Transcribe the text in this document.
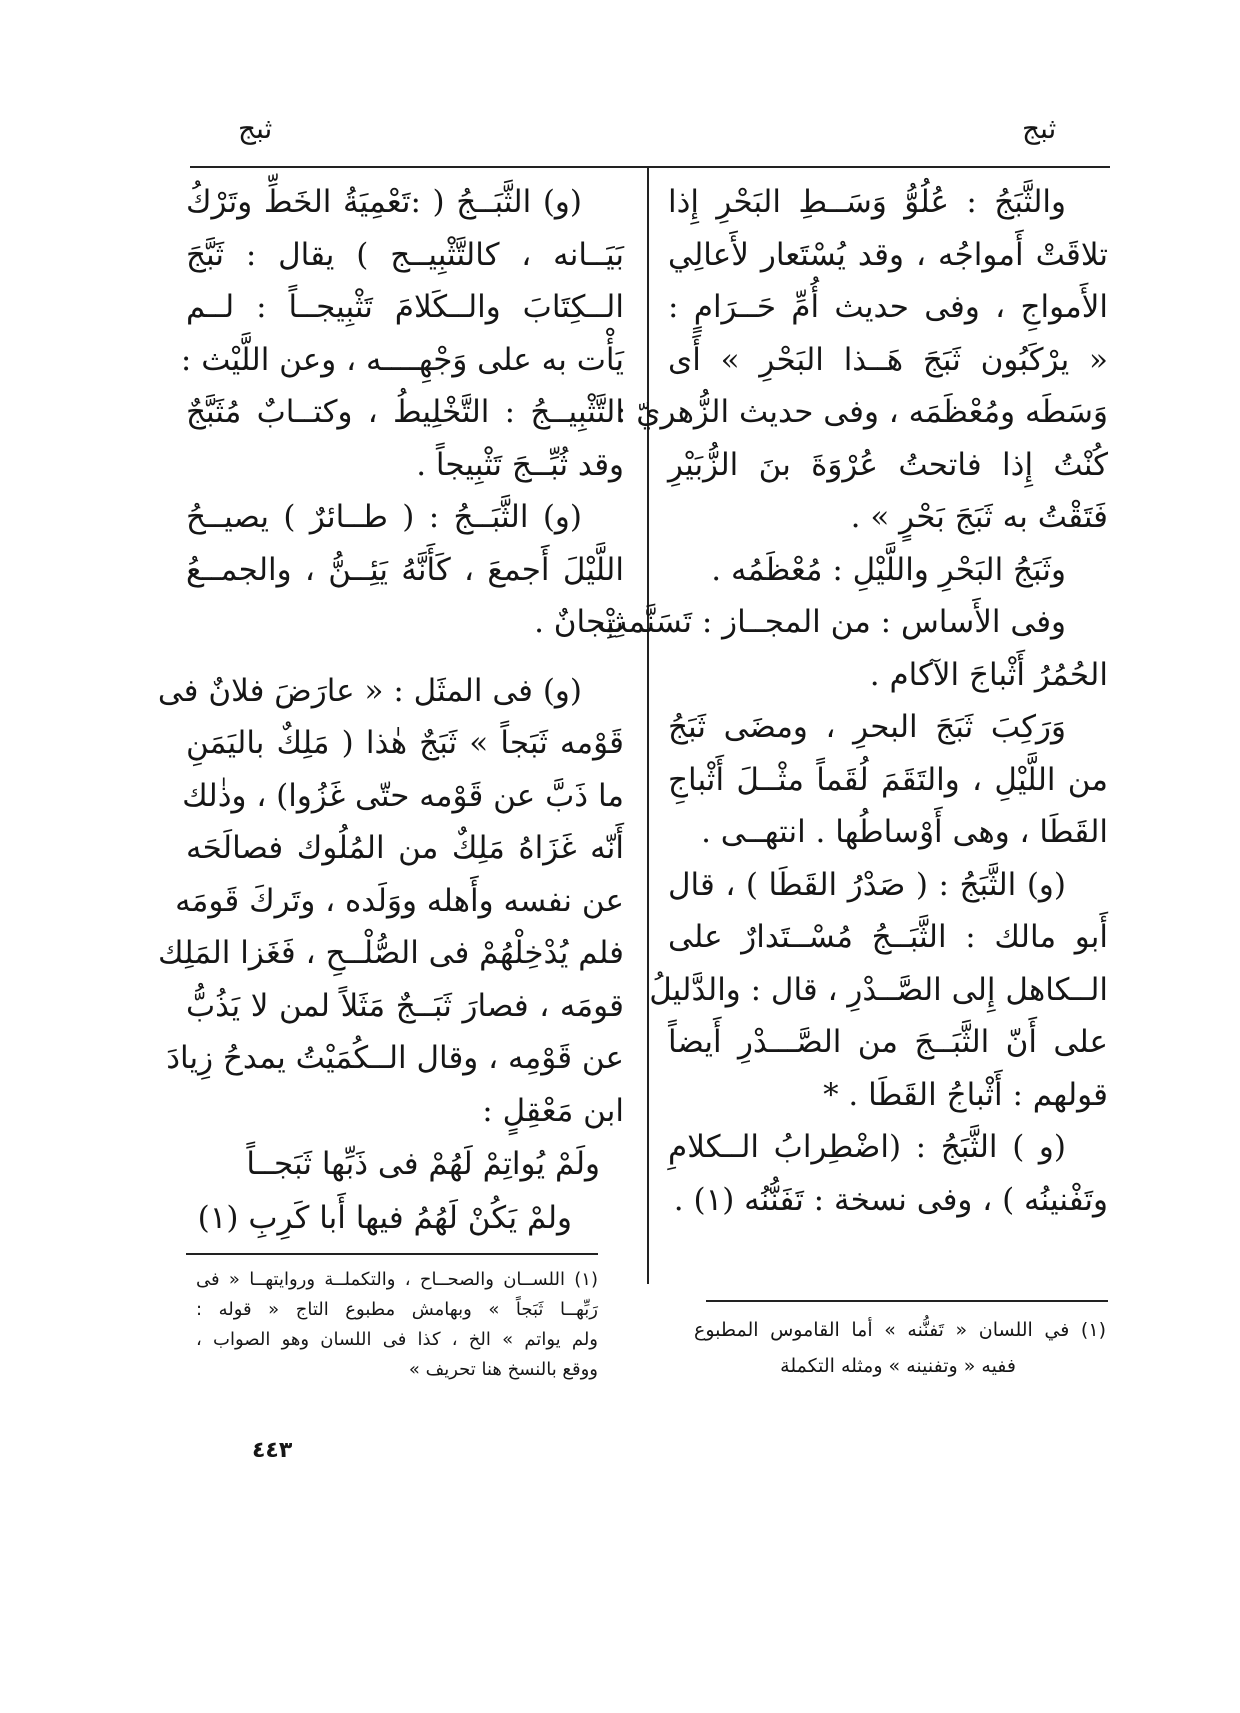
ثبج
ثبج
والثَّبَجُ : عُلُوُّ وَسَــطِ البَحْرِ إِذا
تلاقَتْ أَمواجُه ، وقد يُسْتَعار لأَعالِي
الأَمواجِ ، وفى حديث أُمِّ حَــرَامٍ :
« يرْكَبُون ثَبَجَ هَــذا البَحْرِ » أَى
وَسَطَه ومُعْظَمَه ، وفى حديث الزُّهريّ :
كُنْتُ إِذا فاتحتُ عُرْوَةَ بنَ الزُّبَيْرِ
فَتَقْتُ به ثَبَجَ بَحْرٍ » .
وثَبَجُ البَحْرِ واللَّيْلِ : مُعْظَمُه .
وفى الأَساس : من المجــاز : تَسَنَّمتِ
الحُمُرُ أَثْباجَ الآكام .
وَرَكِبَ ثَبَجَ البحرِ ، ومضَى ثَبَجُ
من اللَّيْلِ ، والتَقَمَ لُقَماً مثْــلَ أَثْباجِ
القَطَا ، وهى أَوْساطُها . انتهــى .
(و) الثَّبَجُ : ( صَدْرُ القَطَا ) ، قال
أَبو مالك : الثَّبَــجُ مُسْــتَدارٌ على
الــكاهل إِلى الصَّــدْرِ ، قال : والدَّليلُ
على أَنّ الثَّبَــجَ من الصَّـــدْرِ أَيضاً
قولهم : أَثْباجُ القَطَا . *
(و ) الثَّبَجُ : (اضْطِرابُ الــكلامِ
وتَفْنينُه ) ، وفى نسخة : تَفَنُّنُه (١) .
(١) في اللسان « تَفنُّنه » أما القاموس المطبوع
ففيه « وتفنينه » ومثله التكملة
(و) الثَّبَــجُ ( :تَعْمِيَةُ الخَطِّ وتَرْكُ
بَيَــانه ، كالتَّثْبِيــج ) يقال : ثَبَّجَ
الــكِتَابَ والــكَلامَ تَثْبِيجــاً : لــم
يَأْت به على وَجْهِــــه ، وعن اللَّيْث :
التَّثْبِيــجُ : التَّخْلِيطُ ، وكتــابٌ مُثَبَّجٌ
وقد ثُبِّــجَ تَثْبِيجاً .
(و) الثَّبَــجُ : ( طــائرٌ ) يصيــحُ
اللَّيْلَ أَجمعَ ، كَأَنَّهُ يَئِــنُّ ، والجمــعُ
ثِبْجانٌ .
(و) فى المثَل : « عارَضَ فلانٌ فى
قَوْمه ثَبَجاً » ثَبَجٌ هٰذا ( مَلِكٌ باليَمَنِ
ما ذَبَّ عن قَوْمه حتّى غَزُوا) ، وذٰلك
أَنّه غَزَاهُ مَلِكٌ من المُلُوك فصالَحَه
عن نفسه وأَهله ووَلَده ، وتَركَ قَومَه
فلم يُدْخِلْهُمْ فى الصُّلْــحِ ، فَغَزا المَلِك
قومَه ، فصارَ ثَبَــجٌ مَثَلاً لمن لا يَذُبُّ
عن قَوْمِه ، وقال الــكُمَيْتُ يمدحُ زِيادَ
ابن مَعْقِلٍ :
ولَمْ يُواتِمْ لَهُمْ فى ذَبِّها ثَبَجــاً
ولمْ يَكُنْ لَهُمُ فيها أَبا كَرِبِ (١)
(١) اللســان والصحــاح ، والتكملــة وروايتهــا « فى
رَبِّهــا ثَبَجاً » وبهامش مطبوع التاج « قوله :
ولم يواتم » الخ ، كذا فى اللسان وهو الصواب ،
ووقع بالنسخ هنا تحريف »
٤٤٣
